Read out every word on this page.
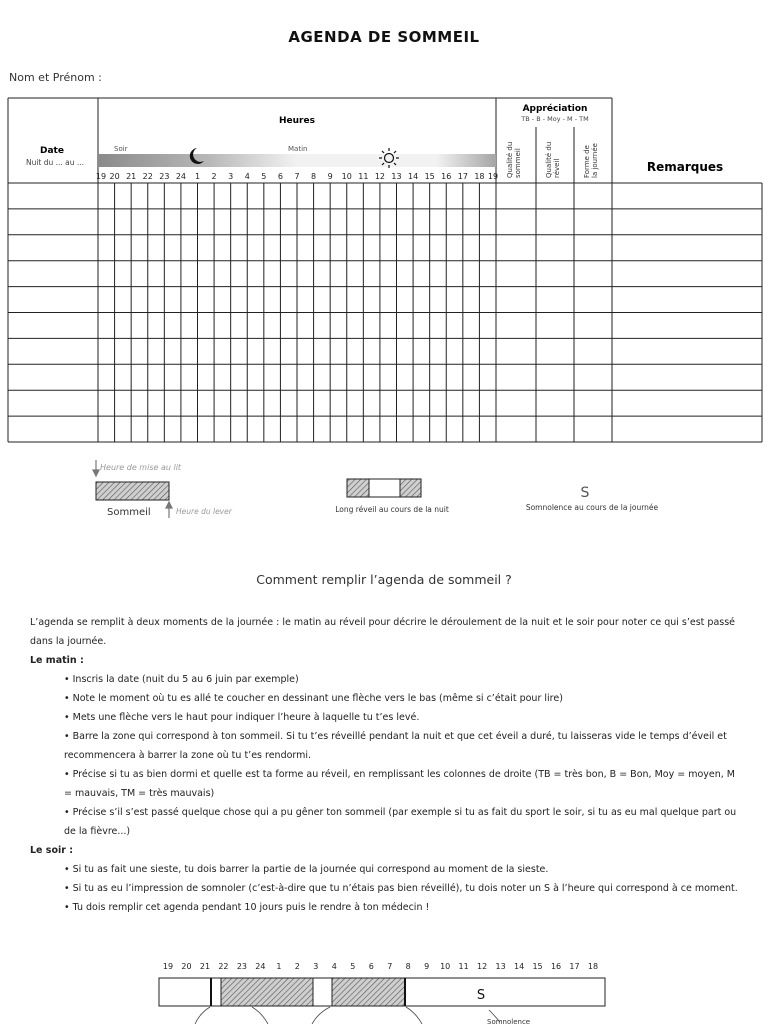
AGENDA DE SOMMEIL
Nom et Prénom :
19 20 21 22 23 24 1 2 3 4 5 6 7 8 9 10 11 12 13 14 15 16 17 18 19
Date
Nuit du ... au ...
Heures
Soir	Matin
Appréciation
TB - B - Moy - M - TM
Remarques
Qualité du sommeil	Qualité du réveil	Forme de la journée
Heure de mise au lit
Sommeil	Heure du lever	Long réveil au cours de la nuit
S
Somnolence au cours de la journée
Comment remplir l’agenda de sommeil ?
L’agenda se remplit à deux moments de la journée : le matin au réveil pour décrire le déroulement de la nuit et le soir pour noter ce qui s’est passé dans la journée.
Le matin :
• Inscris la date (nuit du 5 au 6 juin par exemple)
• Note le moment où tu es allé te coucher en dessinant une flèche vers le bas (même si c’était pour lire)
• Mets une flèche vers le haut pour indiquer l’heure à laquelle tu t’es levé.
• Barre la zone qui correspond à ton sommeil. Si tu t’es réveillé pendant la nuit et que cet éveil a duré, tu laisseras vide le temps d’éveil et recommencera à barrer la zone où tu t’es rendormi.
• Précise si tu as bien dormi et quelle est ta forme au réveil, en remplissant les colonnes de droite (TB = très bon, B = Bon, Moy = moyen, M = mauvais, TM = très mauvais)
• Précise s’il s’est passé quelque chose qui a pu gêner ton sommeil (par exemple si tu as fait du sport le soir, si tu as eu mal quelque part ou de la fièvre...)
Le soir :
• Si tu as fait une sieste, tu dois barrer la partie de la journée qui correspond au moment de la sieste.
• Si tu as eu l’impression de somnoler (c’est-à-dire que tu n’étais pas bien réveillé), tu dois noter un S à l’heure qui correspond à ce moment.
• Tu dois remplir cet agenda pendant 10 jours puis le rendre à ton médecin !
19 20 21 22 23 24 1 2 3 4 5 6 7 8 9 10 11 12 13 14 15 16 17 18
S
Somnolence
